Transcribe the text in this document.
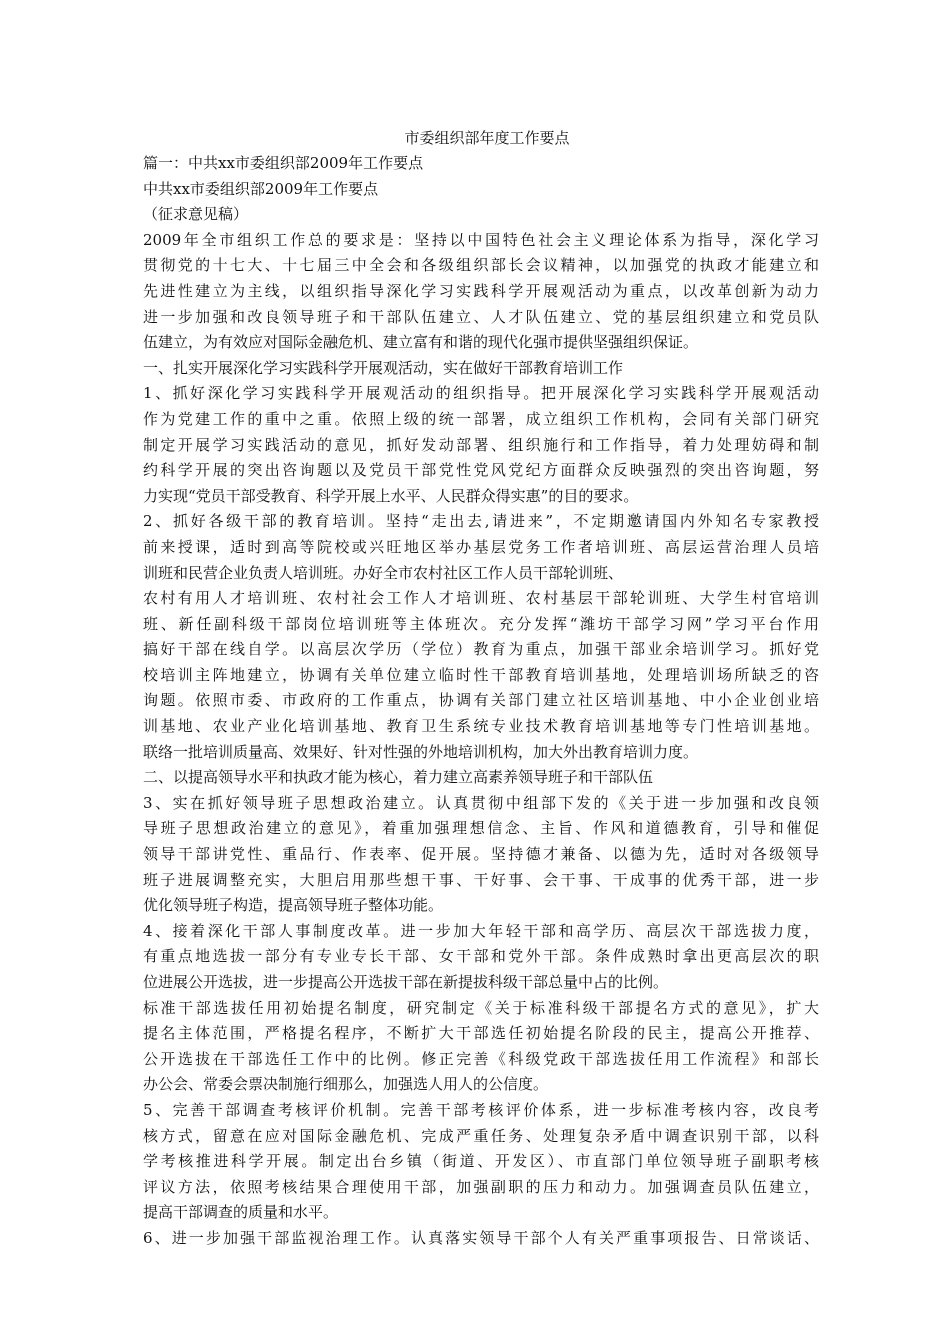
市委组织部年度工作要点
篇一：中共xx市委组织部2009年工作要点
中共xx市委组织部2009年工作要点
（征求意见稿）
2009年全市组织工作总的要求是：坚持以中国特色社会主义理论体系为指导，深化学习
贯彻党的十七大、十七届三中全会和各级组织部长会议精神，以加强党的执政才能建立和
先进性建立为主线，以组织指导深化学习实践科学开展观活动为重点，以改革创新为动力
进一步加强和改良领导班子和干部队伍建立、人才队伍建立、党的基层组织建立和党员队
伍建立，为有效应对国际金融危机、建立富有和谐的现代化强市提供坚强组织保证。
一、扎实开展深化学习实践科学开展观活动，实在做好干部教育培训工作
1、抓好深化学习实践科学开展观活动的组织指导。把开展深化学习实践科学开展观活动
作为党建工作的重中之重。依照上级的统一部署，成立组织工作机构，会同有关部门研究
制定开展学习实践活动的意见，抓好发动部署、组织施行和工作指导，着力处理妨碍和制
约科学开展的突出咨询题以及党员干部党性党风党纪方面群众反映强烈的突出咨询题，努
力实现“党员干部受教育、科学开展上水平、人民群众得实惠”的目的要求。
2、抓好各级干部的教育培训。坚持“走出去,请进来”，不定期邀请国内外知名专家教授
前来授课，适时到高等院校或兴旺地区举办基层党务工作者培训班、高层运营治理人员培
训班和民营企业负责人培训班。办好全市农村社区工作人员干部轮训班、
农村有用人才培训班、农村社会工作人才培训班、农村基层干部轮训班、大学生村官培训
班、新任副科级干部岗位培训班等主体班次。充分发挥“潍坊干部学习网”学习平台作用
搞好干部在线自学。以高层次学历（学位）教育为重点，加强干部业余培训学习。抓好党
校培训主阵地建立，协调有关单位建立临时性干部教育培训基地，处理培训场所缺乏的咨
询题。依照市委、市政府的工作重点，协调有关部门建立社区培训基地、中小企业创业培
训基地、农业产业化培训基地、教育卫生系统专业技术教育培训基地等专门性培训基地。
联络一批培训质量高、效果好、针对性强的外地培训机构，加大外出教育培训力度。
二、以提高领导水平和执政才能为核心，着力建立高素养领导班子和干部队伍
3、实在抓好领导班子思想政治建立。认真贯彻中组部下发的《关于进一步加强和改良领
导班子思想政治建立的意见》，着重加强理想信念、主旨、作风和道德教育，引导和催促
领导干部讲党性、重品行、作表率、促开展。坚持德才兼备、以德为先，适时对各级领导
班子进展调整充实，大胆启用那些想干事、干好事、会干事、干成事的优秀干部，进一步
优化领导班子构造，提高领导班子整体功能。
4、接着深化干部人事制度改革。进一步加大年轻干部和高学历、高层次干部选拔力度，
有重点地选拔一部分有专业专长干部、女干部和党外干部。条件成熟时拿出更高层次的职
位进展公开选拔，进一步提高公开选拔干部在新提拔科级干部总量中占的比例。
标准干部选拔任用初始提名制度，研究制定《关于标准科级干部提名方式的意见》，扩大
提名主体范围，严格提名程序，不断扩大干部选任初始提名阶段的民主，提高公开推荐、
公开选拔在干部选任工作中的比例。修正完善《科级党政干部选拔任用工作流程》和部长
办公会、常委会票决制施行细那么，加强选人用人的公信度。
5、完善干部调查考核评价机制。完善干部考核评价体系，进一步标准考核内容，改良考
核方式，留意在应对国际金融危机、完成严重任务、处理复杂矛盾中调查识别干部，以科
学考核推进科学开展。制定出台乡镇（街道、开发区）、市直部门单位领导班子副职考核
评议方法，依照考核结果合理使用干部，加强副职的压力和动力。加强调查员队伍建立，
提高干部调查的质量和水平。
6、进一步加强干部监视治理工作。认真落实领导干部个人有关严重事项报告、日常谈话、
